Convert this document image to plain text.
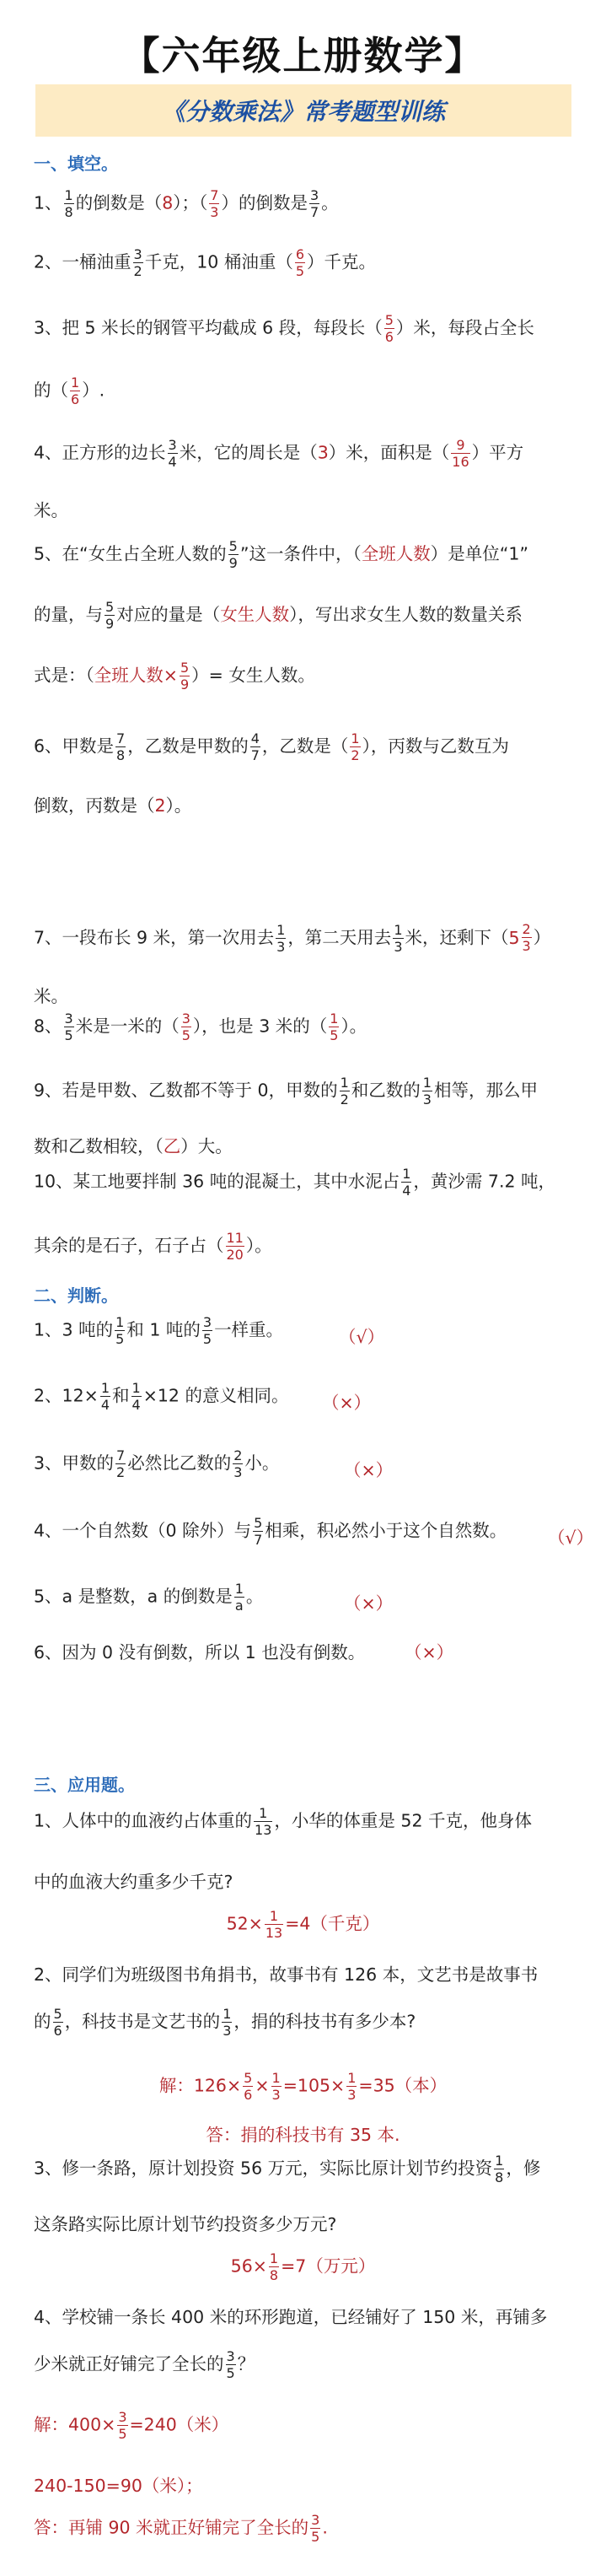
【六年级上册数学】
《分数乘法》常考题型训练
一、填空。
1、 $\frac{1}{8}$ 的倒数是（8）；（ $\frac{7}{3}$ ）的倒数是 $\frac{3}{7}$ 。
2、一桶油重 $\frac{3}{2}$ 千克，10 桶油重（ $\frac{6}{5}$ ）千克。
3、把 5 米长的钢管平均截成 6 段，每段长（ $\frac{5}{6}$ ）米，每段占全长
的（ $\frac{1}{6}$ ）.
4、正方形的边长 $\frac{3}{4}$ 米，它的周长是（3）米，面积是（ $\frac{9}{16}$ ）平方
米。
5、在“女生占全班人数的 $\frac{5}{9}$ ”这一条件中，（全班人数）是单位“1”
的量，与 $\frac{5}{9}$ 对应的量是（女生人数），写出求女生人数的数量关系
式是：（全班人数× $\frac{5}{9}$ ）= 女生人数。
6、甲数是 $\frac{7}{8}$ ，乙数是甲数的 $\frac{4}{7}$ ，乙数是（ $\frac{1}{2}$ ），丙数与乙数互为
倒数，丙数是（2）。
7、一段布长 9 米，第一次用去 $\frac{1}{3}$ ，第二天用去 $\frac{1}{3}$ 米，还剩下（ $5 \frac{2}{3}$ ）
米。
8、 $\frac{3}{5}$ 米是一米的（ $\frac{3}{5}$ ），也是 3 米的（ $\frac{1}{5}$ ）。
9、若是甲数、乙数都不等于 0，甲数的 $\frac{1}{2}$ 和乙数的 $\frac{1}{3}$ 相等，那么甲
数和乙数相较，（乙）大。
10、某工地要拌制 36 吨的混凝土，其中水泥占 $\frac{1}{4}$ ，黄沙需 7.2 吨，
其余的是石子，石子占（ $\frac{11}{20}$ ）。
二、判断。
1、3 吨的 $\frac{1}{5}$ 和 1 吨的 $\frac{3}{5}$ 一样重。	（√）
2、$12\times \frac{1}{4}$ 和 $\frac{1}{4} \times 12$ 的意义相同。 （×）
3、甲数的 $\frac{7}{2}$ 必然比乙数的 $\frac{2}{3}$ 小。	（×）
4、一个自然数（0 除外）与 $\frac{5}{7}$ 相乘，积必然小于这个自然数。 （√）
5、a 是整数，a 的倒数是 $\frac{1}{a}$ 。	（×）
6、因为 0 没有倒数，所以 1 也没有倒数。 （×）
三、应用题。
1、人体中的血液约占体重的 $\frac{1}{13}$ ，小华的体重是 52 千克，他身体
中的血液大约重多少千克?
$52\times \frac{1}{13} =4$（千克）
2、同学们为班级图书角捐书，故事书有 126 本，文艺书是故事书
的 $\frac{5}{6}$ ，科技书是文艺书的 $\frac{1}{3}$ ，捐的科技书有多少本?
解：$126\times \frac{5}{6} \times \frac{1}{3} =105\times \frac{1}{3} =35$（本）
答：捐的科技书有 35 本.
3、修一条路，原计划投资 56 万元，实际比原计划节约投资 $\frac{1}{8}$ ，修
这条路实际比原计划节约投资多少万元?
$56\times \frac{1}{8} =7$（万元）
4、学校铺一条长 400 米的环形跑道，已经铺好了 150 米，再铺多
少米就正好铺完了全长的 $\frac{3}{5}$ ？
解：$400\times \frac{3}{5} =240$（米）
240-150=90（米）；
答：再铺 90 米就正好铺完了全长的 $\frac{3}{5}$ .
